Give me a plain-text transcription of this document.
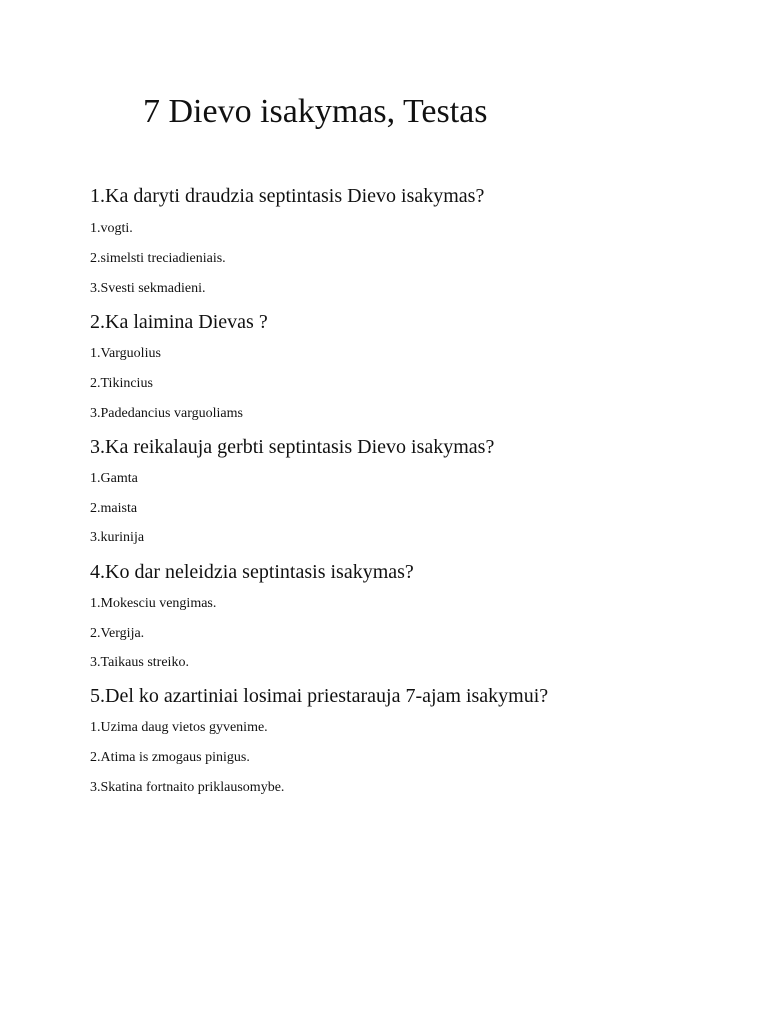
7 Dievo isakymas, Testas

1.Ka daryti draudzia septintasis Dievo isakymas?

1.vogti.

2.simelsti treciadieniais.

3.Svesti sekmadieni.

2.Ka laimina Dievas ?

1.Varguolius

2.Tikincius

3.Padedancius varguoliams

3.Ka reikalauja gerbti septintasis Dievo isakymas?

1.Gamta

2.maista

3.kurinija

4.Ko dar neleidzia septintasis isakymas?

1.Mokesciu vengimas.

2.Vergija.

3.Taikaus streiko.

5.Del ko azartiniai losimai priestarauja 7-ajam isakymui?

1.Uzima daug vietos gyvenime.

2.Atima is zmogaus pinigus.

3.Skatina fortnaito priklausomybe.
